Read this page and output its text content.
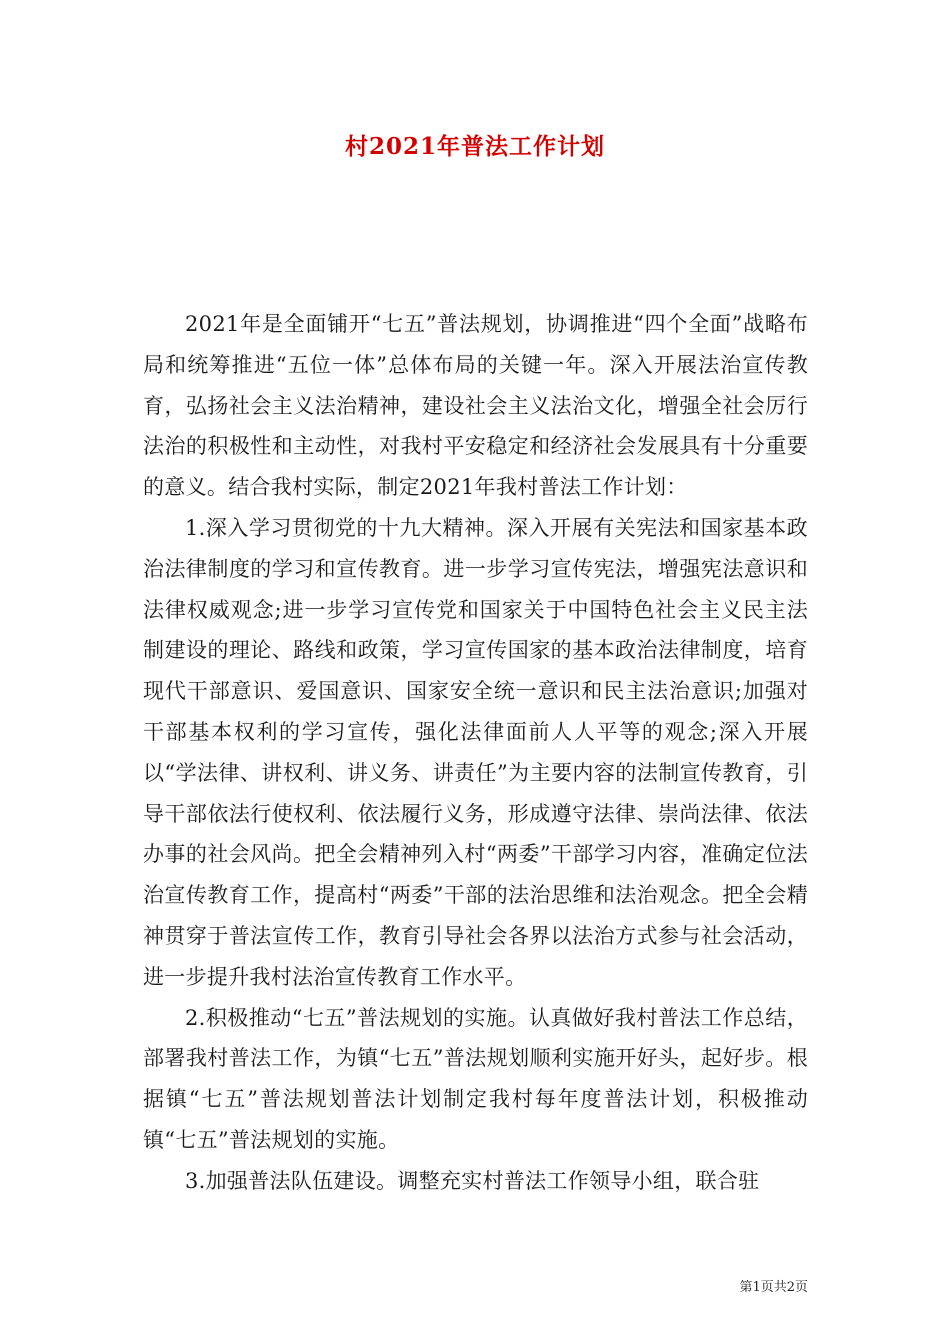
村2021年普法工作计划

2021年是全面铺开“七五”普法规划，协调推进“四个全面”战略布局和统筹推进“五位一体”总体布局的关键一年。深入开展法治宣传教育，弘扬社会主义法治精神，建设社会主义法治文化，增强全社会厉行法治的积极性和主动性，对我村平安稳定和经济社会发展具有十分重要的意义。结合我村实际，制定2021年我村普法工作计划：

1.深入学习贯彻党的十九大精神。深入开展有关宪法和国家基本政治法律制度的学习和宣传教育。进一步学习宣传宪法，增强宪法意识和法律权威观念;进一步学习宣传党和国家关于中国特色社会主义民主法制建设的理论、路线和政策，学习宣传国家的基本政治法律制度，培育现代干部意识、爱国意识、国家安全统一意识和民主法治意识;加强对干部基本权利的学习宣传，强化法律面前人人平等的观念;深入开展以“学法律、讲权利、讲义务、讲责任”为主要内容的法制宣传教育，引导干部依法行使权利、依法履行义务，形成遵守法律、崇尚法律、依法办事的社会风尚。把全会精神列入村“两委”干部学习内容，准确定位法治宣传教育工作，提高村“两委”干部的法治思维和法治观念。把全会精神贯穿于普法宣传工作，教育引导社会各界以法治方式参与社会活动，进一步提升我村法治宣传教育工作水平。

2.积极推动“七五”普法规划的实施。认真做好我村普法工作总结，部署我村普法工作，为镇“七五”普法规划顺利实施开好头，起好步。根据镇“七五”普法规划普法计划制定我村每年度普法计划，积极推动镇“七五”普法规划的实施。

3.加强普法队伍建设。调整充实村普法工作领导小组，联合驻

第1页共2页
